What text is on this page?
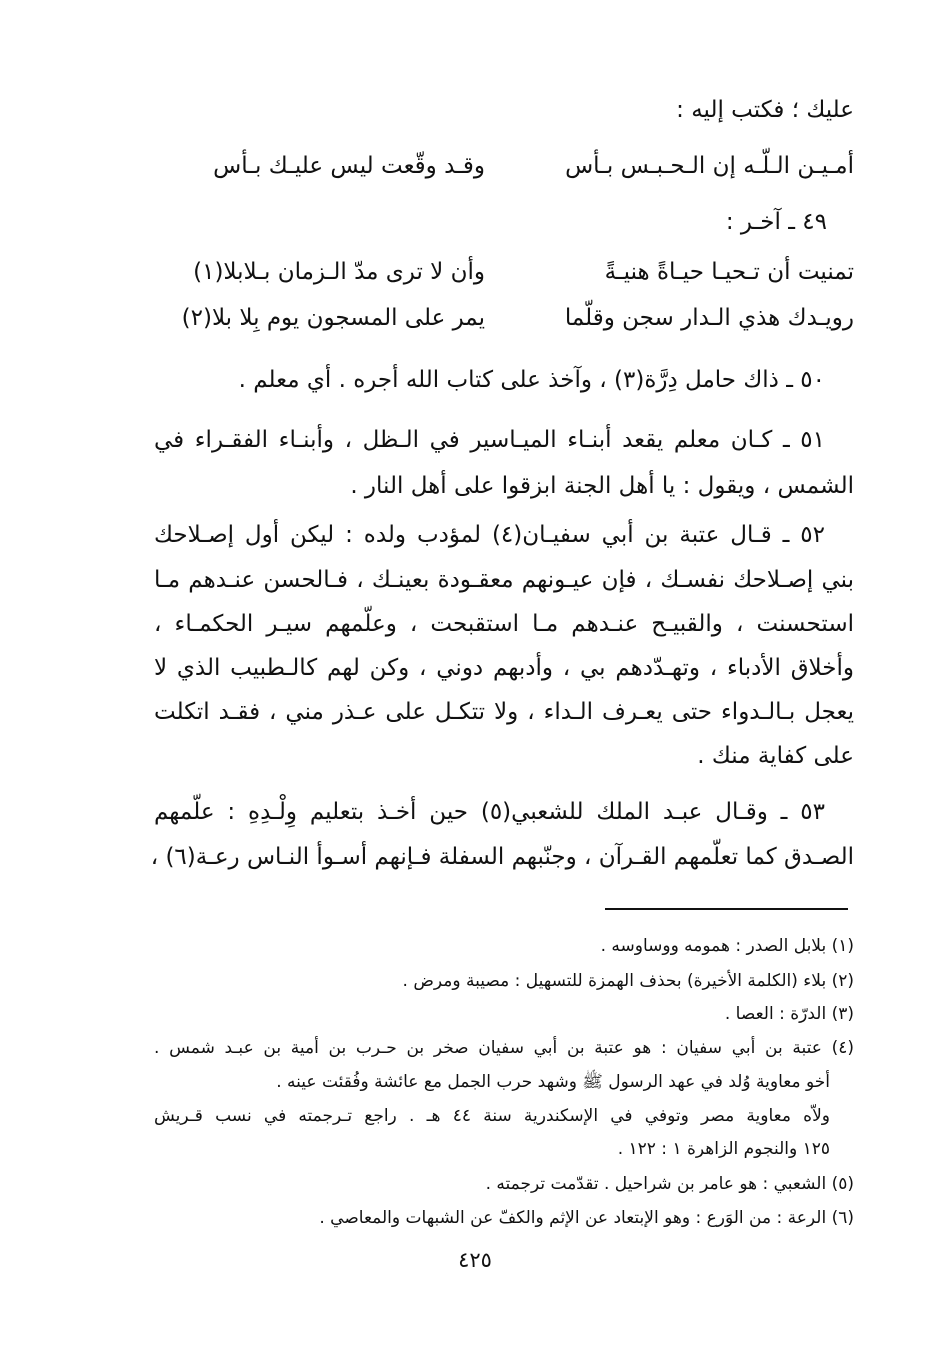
عليك ؛ فكتب إليه :
أمـيـن الـلّـه إن الـحـبـس بـأس
وقـد وقّعت ليس عليـك بـأس
٤٩ ـ آخـر :
تمنيت أن تـحيـا حيـاةً هنيـةً
وأن لا ترى مدّ الـزمان بـلابلا(١)
رويـدك هذي الـدار سجن وقلّما
يمر على المسجون يوم بِلا بلا(٢)
٥٠ ـ ذاك حامل دِرَّة(٣) ، وآخذ على كتاب الله أجره . أي معلم .
٥١ ـ كـان معلم يقعد أبنـاء الميـاسير في الـظل ، وأبنـاء الفقـراء في
الشمس ، ويقول : يا أهل الجنة ابزقوا على أهل النار .
٥٢ ـ قـال عتبة بن أبي سفيـان(٤) لمؤدب ولده : ليكن أول إصـلاحك
بني إصـلاحك نفسـك ، فإن عيـونهم معقـودة بعينـك ، فـالحسن عنـدهم مـا
استحسنت ، والقبيـح عنـدهم مـا استقبحت ، وعلّمهم سيـر الحكمـاء ،
وأخلاق الأدباء ، وتهـدّدهم بي ، وأدبهم دوني ، وكن لهم كالـطبيب الذي لا
يعجل بـالـدواء حتى يعـرف الـداء ، ولا تتكـل على عـذر مني ، فقـد اتكلت
على كفاية منك .
٥٣ ـ وقـال عبـد الملك للشعبي(٥) حين أخـذ بتعليم وِلْـدِهِ : علّمهم
الصـدق كما تعلّمهم القـرآن ، وجنّبهم السفلة فـإنهم أسـوأ النـاس رعـة(٦) ،
(١) بلابل الصدر : همومه ووساوسه .
(٢) بلاء (الكلمة الأخيرة) بحذف الهمزة للتسهيل : مصيبة ومرض .
(٣) الدرّة : العصا .
(٤) عتبة بن أبي سفيان : هو عتبة بن أبي سفيان صخر بن حـرب بن أمية بن عبـد شمس .
أخو معاوية وُلد في عهد الرسول ﷺ وشهد حرب الجمل مع عائشة وفُقئت عينه .
ولاّه معاوية مصر وتوفي في الإسكندرية سنة ٤٤ هـ . راجع تـرجمته في نسب قـريش
١٢٥ والنجوم الزاهرة ١ : ١٢٢ .
(٥) الشعبي : هو عامر بن شراحيل . تقدّمت ترجمته .
(٦) الرعة : من الوَرع : وهو الإبتعاد عن الإثم والكفّ عن الشبهات والمعاصي .
٤٢٥
